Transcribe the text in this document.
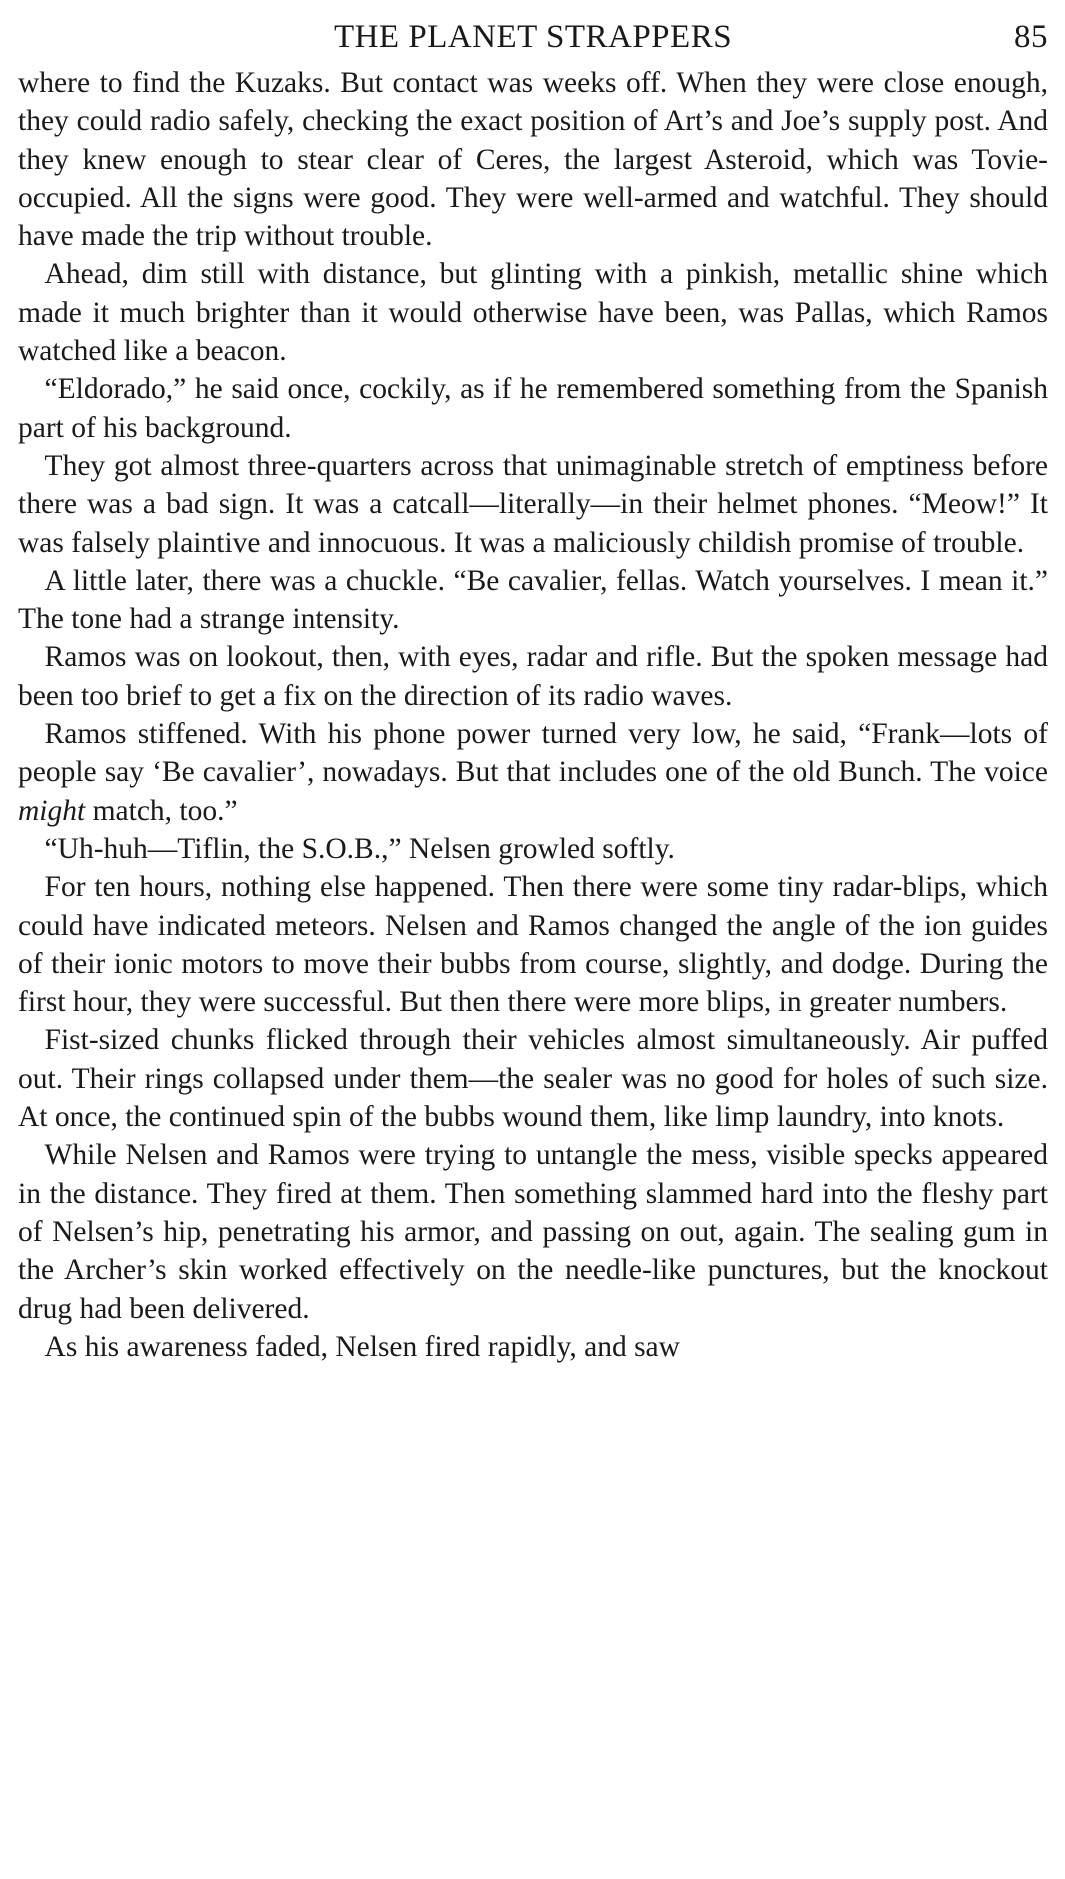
THE PLANET STRAPPERS	85

where to find the Kuzaks. But contact was weeks off. When they were close enough, they could radio safely, checking the exact position of Art’s and Joe’s supply post. And they knew enough to stear clear of Ceres, the largest Asteroid, which was Tovie-occupied. All the signs were good. They were well-armed and watchful. They should have made the trip without trouble.

Ahead, dim still with distance, but glinting with a pinkish, metallic shine which made it much brighter than it would otherwise have been, was Pallas, which Ramos watched like a beacon.

“Eldorado,” he said once, cockily, as if he remembered something from the Spanish part of his background.

They got almost three-quarters across that unimaginable stretch of emptiness before there was a bad sign. It was a catcall—literally—in their helmet phones. “Meow!” It was falsely plaintive and innocuous. It was a maliciously childish promise of trouble.

A little later, there was a chuckle. “Be cavalier, fellas. Watch yourselves. I mean it.” The tone had a strange intensity.

Ramos was on lookout, then, with eyes, radar and rifle. But the spoken message had been too brief to get a fix on the direction of its radio waves.

Ramos stiffened. With his phone power turned very low, he said, “Frank—lots of people say ‘Be cavalier’, nowadays. But that includes one of the old Bunch. The voice might match, too.”

“Uh-huh—Tiflin, the S.O.B.,” Nelsen growled softly.

For ten hours, nothing else happened. Then there were some tiny radar-blips, which could have indicated meteors. Nelsen and Ramos changed the angle of the ion guides of their ionic motors to move their bubbs from course, slightly, and dodge. During the first hour, they were successful. But then there were more blips, in greater numbers.

Fist-sized chunks flicked through their vehicles almost simultaneously. Air puffed out. Their rings collapsed under them—the sealer was no good for holes of such size. At once, the continued spin of the bubbs wound them, like limp laundry, into knots.

While Nelsen and Ramos were trying to untangle the mess, visible specks appeared in the distance. They fired at them. Then something slammed hard into the fleshy part of Nelsen’s hip, penetrating his armor, and passing on out, again. The sealing gum in the Archer’s skin worked effectively on the needle-like punctures, but the knockout drug had been delivered.

As his awareness faded, Nelsen fired rapidly, and saw
